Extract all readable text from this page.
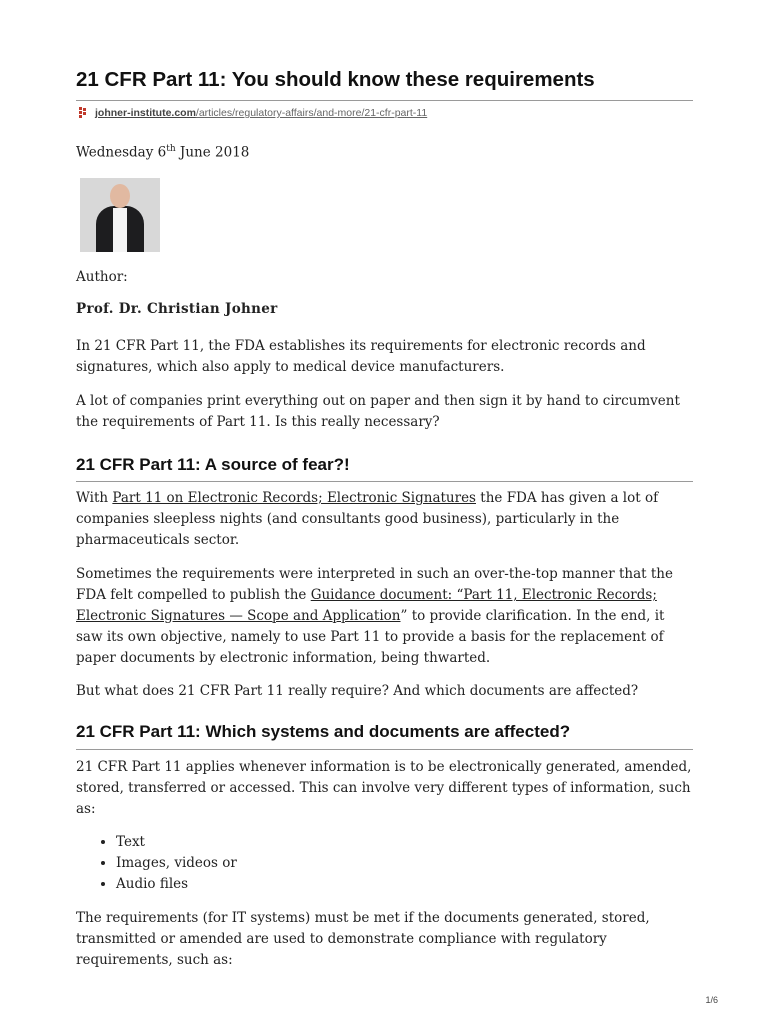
21 CFR Part 11: You should know these requirements
johner-institute.com /articles/regulatory-affairs/and-more/21-cfr-part-11
Wednesday 6th June 2018

Author:

Prof. Dr. Christian Johner

In 21 CFR Part 11, the FDA establishes its requirements for electronic records and signatures, which also apply to medical device manufacturers.

A lot of companies print everything out on paper and then sign it by hand to circumvent the requirements of Part 11. Is this really necessary?

21 CFR Part 11: A source of fear?!

With Part 11 on Electronic Records; Electronic Signatures the FDA has given a lot of companies sleepless nights (and consultants good business), particularly in the pharmaceuticals sector.

Sometimes the requirements were interpreted in such an over-the-top manner that the FDA felt compelled to publish the Guidance document: “Part 11, Electronic Records; Electronic Signatures — Scope and Application” to provide clarification. In the end, it saw its own objective, namely to use Part 11 to provide a basis for the replacement of paper documents by electronic information, being thwarted.

But what does 21 CFR Part 11 really require? And which documents are affected?

21 CFR Part 11: Which systems and documents are affected?

21 CFR Part 11 applies whenever information is to be electronically generated, amended, stored, transferred or accessed. This can involve very different types of information, such as:

• Text
• Images, videos or
• Audio files

The requirements (for IT systems) must be met if the documents generated, stored, transmitted or amended are used to demonstrate compliance with regulatory requirements, such as:

1/6
